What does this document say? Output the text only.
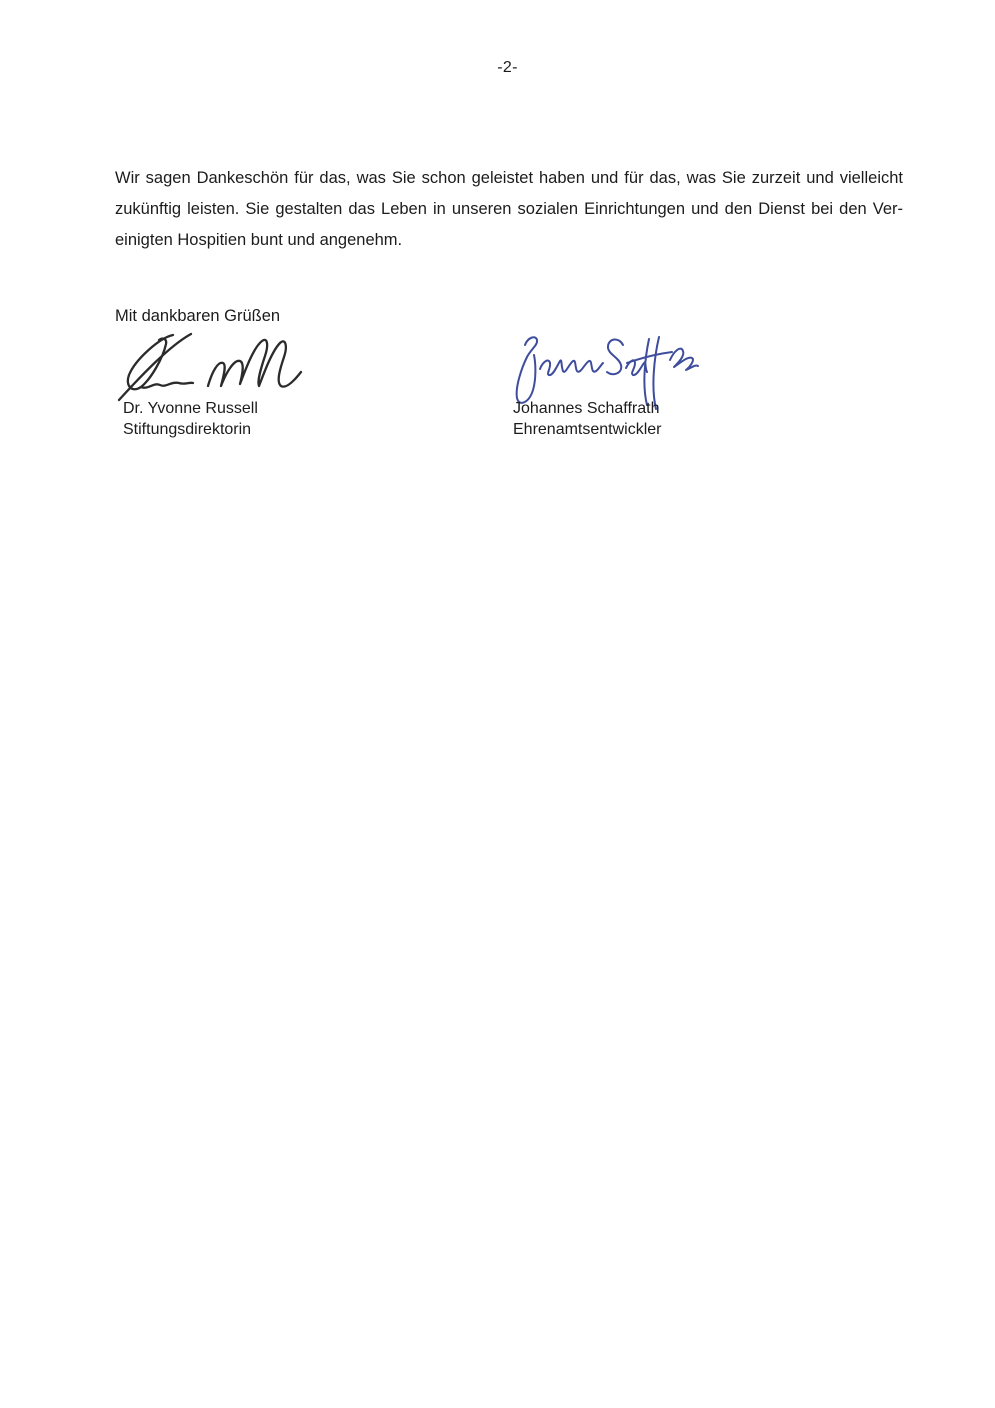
-2-
Wir sagen Dankeschön für das, was Sie schon geleistet haben und für das, was Sie zurzeit und vielleicht
zukünftig leisten. Sie gestalten das Leben in unseren sozialen Einrichtungen und den Dienst bei den Ver-
einigten Hospitien bunt und angenehm.
Mit dankbaren Grüßen
Dr. Yvonne Russell
Stiftungsdirektorin
Johannes Schaffrath
Ehrenamtsentwickler
